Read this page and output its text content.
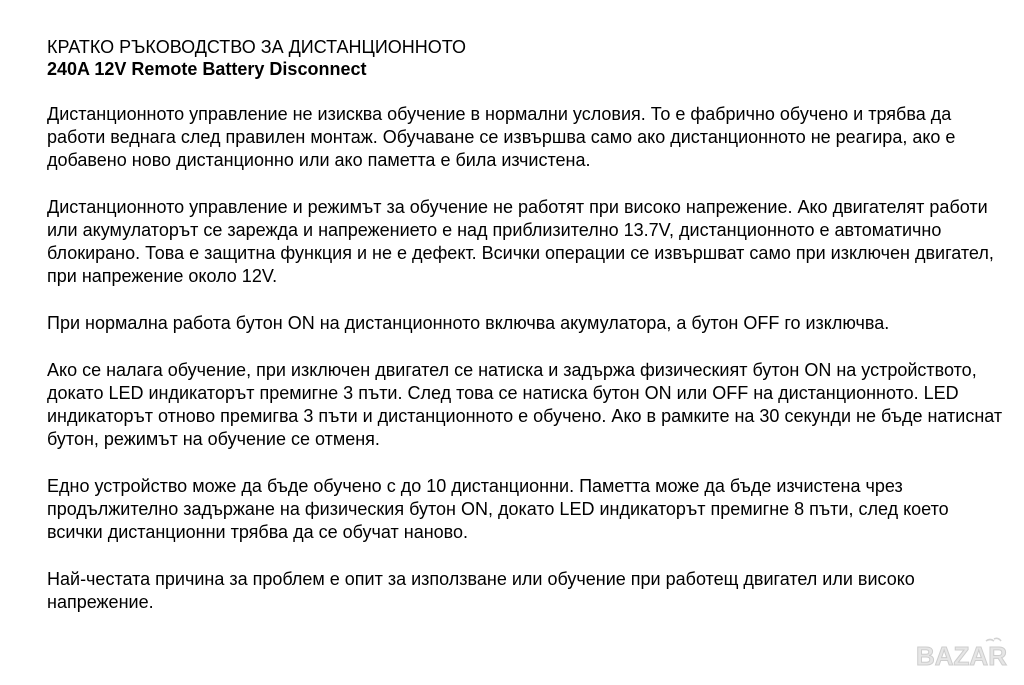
КРАТКО РЪКОВОДСТВО ЗА ДИСТАНЦИОННОТО
240A 12V Remote Battery Disconnect

Дистанционното управление не изисква обучение в нормални условия. То е фабрично обучено и трябва да работи веднага след правилен монтаж. Обучаване се извършва само ако дистанционното не реагира, ако е добавено ново дистанционно или ако паметта е била изчистена.

Дистанционното управление и режимът за обучение не работят при високо напрежение. Ако двигателят работи или акумулаторът се зарежда и напрежението е над приблизително 13.7V, дистанционното е автоматично блокирано. Това е защитна функция и не е дефект. Всички операции се извършват само при изключен двигател, при напрежение около 12V.

При нормална работа бутон ON на дистанционното включва акумулатора, а бутон OFF го изключва.

Ако се налага обучение, при изключен двигател се натиска и задържа физическият бутон ON на устройството, докато LED индикаторът премигне 3 пъти. След това се натиска бутон ON или OFF на дистанционното. LED индикаторът отново премигва 3 пъти и дистанционното е обучено. Ако в рамките на 30 секунди не бъде натиснат бутон, режимът на обучение се отменя.

Едно устройство може да бъде обучено с до 10 дистанционни. Паметта може да бъде изчистена чрез продължително задържане на физическия бутон ON, докато LED индикаторът премигне 8 пъти, след което всички дистанционни трябва да се обучат наново.

Най-честата причина за проблем е опит за използване или обучение при работещ двигател или високо напрежение.

BAZAR
